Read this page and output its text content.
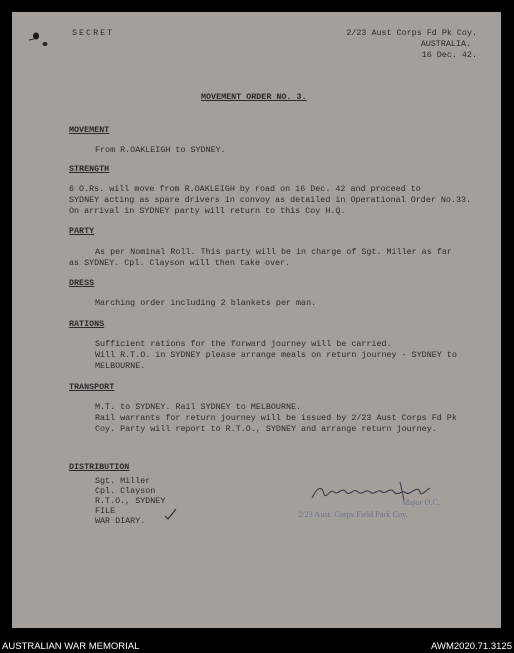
SECRET	2/23 Aust Corps Fd Pk Coy.
AUSTRALIA.
16 Dec. 42.
MOVEMENT ORDER NO. 3.
MOVEMENT
From R.OAKLEIGH to SYDNEY.
STRENGTH
6 O.Rs. will move from R.OAKLEIGH by road on 16 Dec. 42 and proceed to
SYDNEY acting as spare drivers in convoy as detailed in Operational Order No.33.
On arrival in SYDNEY party will return to this Coy H.Q.
PARTY
As per Nominal Roll. This party will be in charge of Sgt. Miller as far
as SYDNEY. Cpl. Clayson will then take over.
DRESS
Marching order including 2 blankets per man.
RATIONS
Sufficient rations for the forward journey will be carried.
Will R.T.O. in SYDNEY please arrange meals on return journey - SYDNEY to
MELBOURNE.
TRANSPORT
M.T. to SYDNEY. Rail SYDNEY to MELBOURNE.
Rail warrants for return journey will be issued by 2/23 Aust Corps Fd Pk
Coy. Party will report to R.T.O., SYDNEY and arrange return journey.
DISTRIBUTION
Sgt. Miller
Cpl. Clayson
R.T.O., SYDNEY
FILE
WAR DIARY.
Major O.C.
2/23 Aust. Corps Field Park Coy.
AUSTRALIAN WAR MEMORIAL	AWM2020.71.3125
